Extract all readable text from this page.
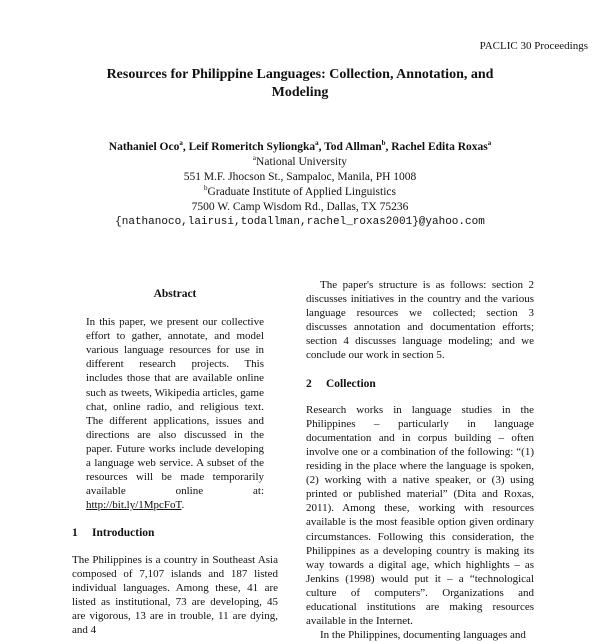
PACLIC 30 Proceedings
Resources for Philippine Languages: Collection, Annotation, and
Modeling
Nathaniel Oco$^a$, Leif Romeritch Syliongka$^a$, Tod Allman$^b$, Rachel Edita Roxas$^a$
$^a$National University
551 M.F. Jhocson St., Sampaloc, Manila, PH 1008
$^b$Graduate Institute of Applied Linguistics
7500 W. Camp Wisdom Rd., Dallas, TX 75236
{nathanoco,lairusi,todallman,rachel_roxas2001}@yahoo.com
Abstract
In this paper, we present our collective effort to gather, annotate, and model various language resources for use in different research projects. This includes those that are available online such as tweets, Wikipedia articles, game chat, online radio, and religious text. The different applications, issues and directions are also discussed in the paper. Future works include developing a language web service. A subset of the resources will be made temporarily available online at: http://bit.ly/1MpcFoT.
1 Introduction

The Philippines is a country in Southeast Asia composed of 7,107 islands and 187 listed individual languages. Among these, 41 are listed as institutional, 73 are developing, 45 are vigorous, 13 are in trouble, 11 are dying, and 4

The paper's structure is as follows: section 2 discusses initiatives in the country and the various language resources we collected; section 3 discusses annotation and documentation efforts; section 4 discusses language modeling; and we conclude our work in section 5.

2 Collection

Research works in language studies in the Philippines – particularly in language documentation and in corpus building – often involve one or a combination of the following: “(1) residing in the place where the language is spoken, (2) working with a native speaker, or (3) using printed or published material” (Dita and Roxas, 2011). Among these, working with resources available is the most feasible option given ordinary circumstances. Following this consideration, the Philippines as a developing country is making its way towards a digital age, which highlights – as Jenkins (1998) would put it – a “technological culture of computers”. Organizations and educational institutions are making resources available in the Internet.

In the Philippines, documenting languages and
